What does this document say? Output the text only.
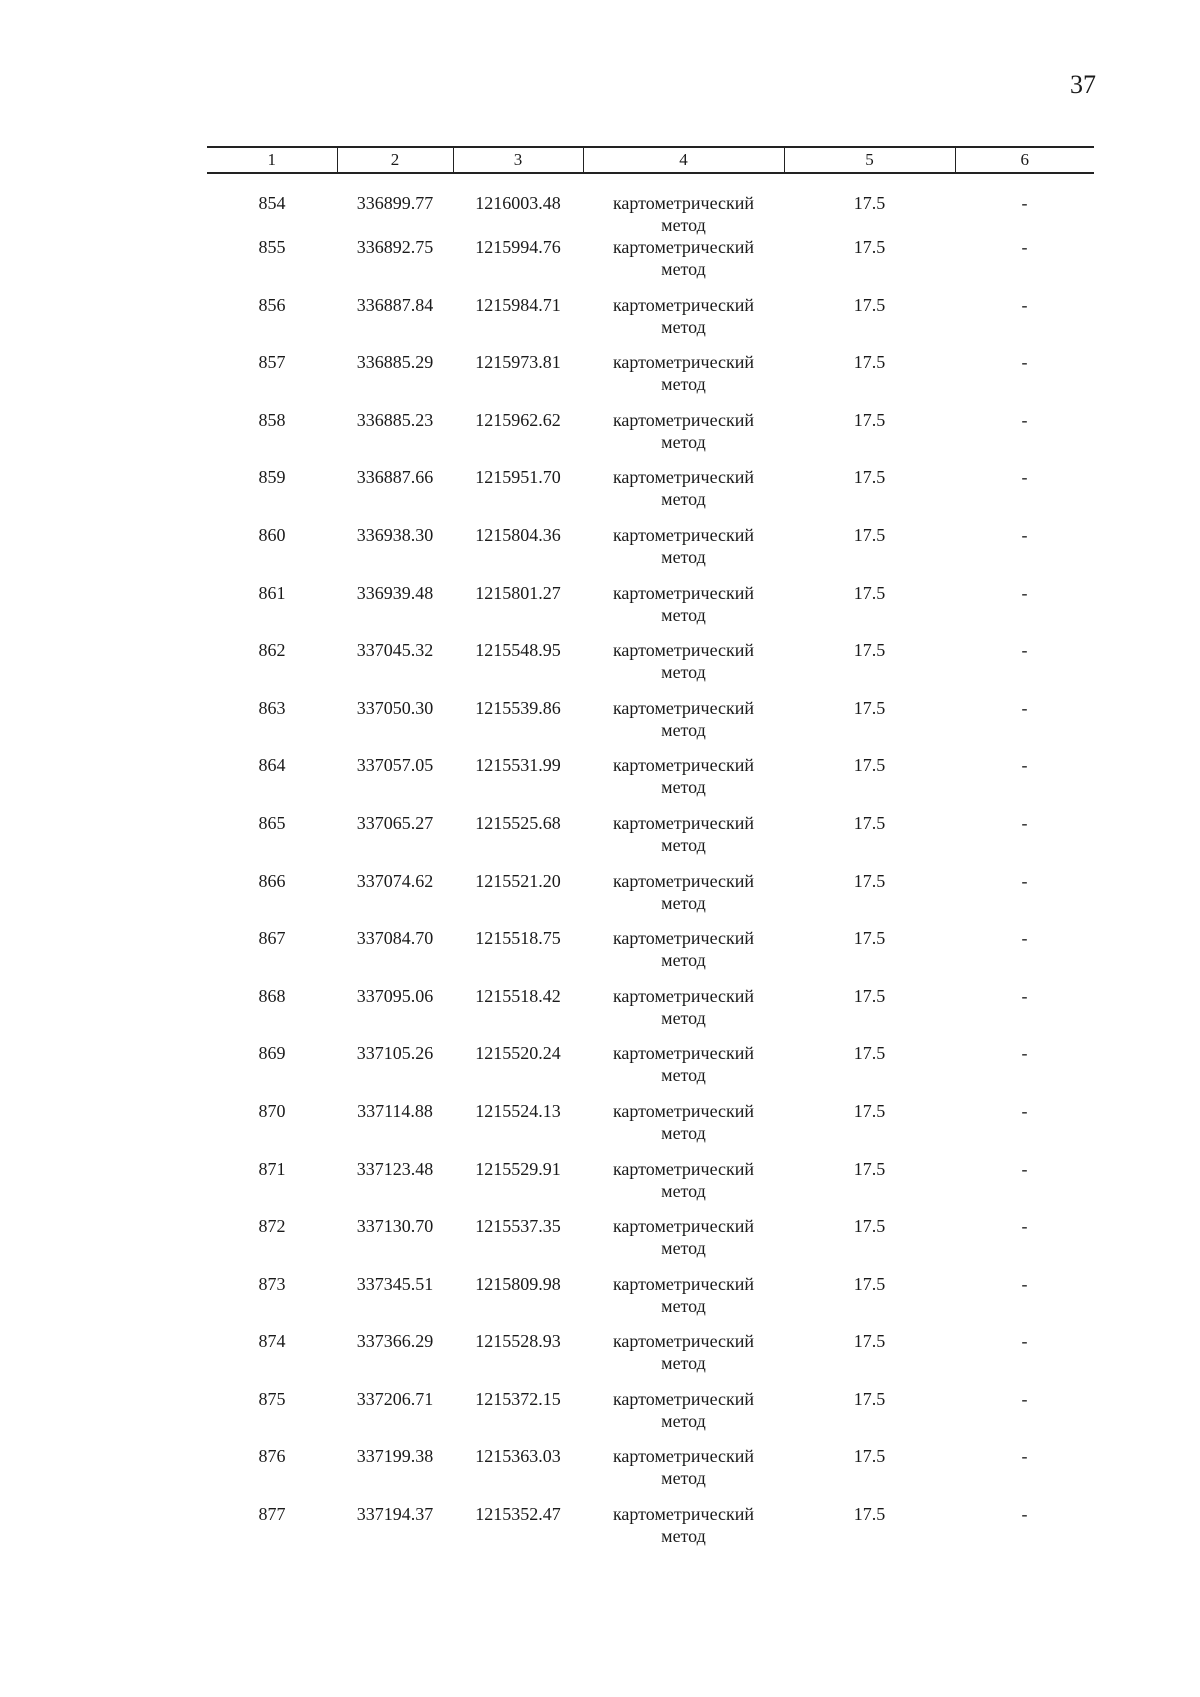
37
1	2	3	4	5	6
854	336899.77	1216003.48	картометрический метод	17.5	-
855	336892.75	1215994.76	картометрический метод	17.5	-
856	336887.84	1215984.71	картометрический метод	17.5	-
857	336885.29	1215973.81	картометрический метод	17.5	-
858	336885.23	1215962.62	картометрический метод	17.5	-
859	336887.66	1215951.70	картометрический метод	17.5	-
860	336938.30	1215804.36	картометрический метод	17.5	-
861	336939.48	1215801.27	картометрический метод	17.5	-
862	337045.32	1215548.95	картометрический метод	17.5	-
863	337050.30	1215539.86	картометрический метод	17.5	-
864	337057.05	1215531.99	картометрический метод	17.5	-
865	337065.27	1215525.68	картометрический метод	17.5	-
866	337074.62	1215521.20	картометрический метод	17.5	-
867	337084.70	1215518.75	картометрический метод	17.5	-
868	337095.06	1215518.42	картометрический метод	17.5	-
869	337105.26	1215520.24	картометрический метод	17.5	-
870	337114.88	1215524.13	картометрический метод	17.5	-
871	337123.48	1215529.91	картометрический метод	17.5	-
872	337130.70	1215537.35	картометрический метод	17.5	-
873	337345.51	1215809.98	картометрический метод	17.5	-
874	337366.29	1215528.93	картометрический метод	17.5	-
875	337206.71	1215372.15	картометрический метод	17.5	-
876	337199.38	1215363.03	картометрический метод	17.5	-
877	337194.37	1215352.47	картометрический метод	17.5	-
